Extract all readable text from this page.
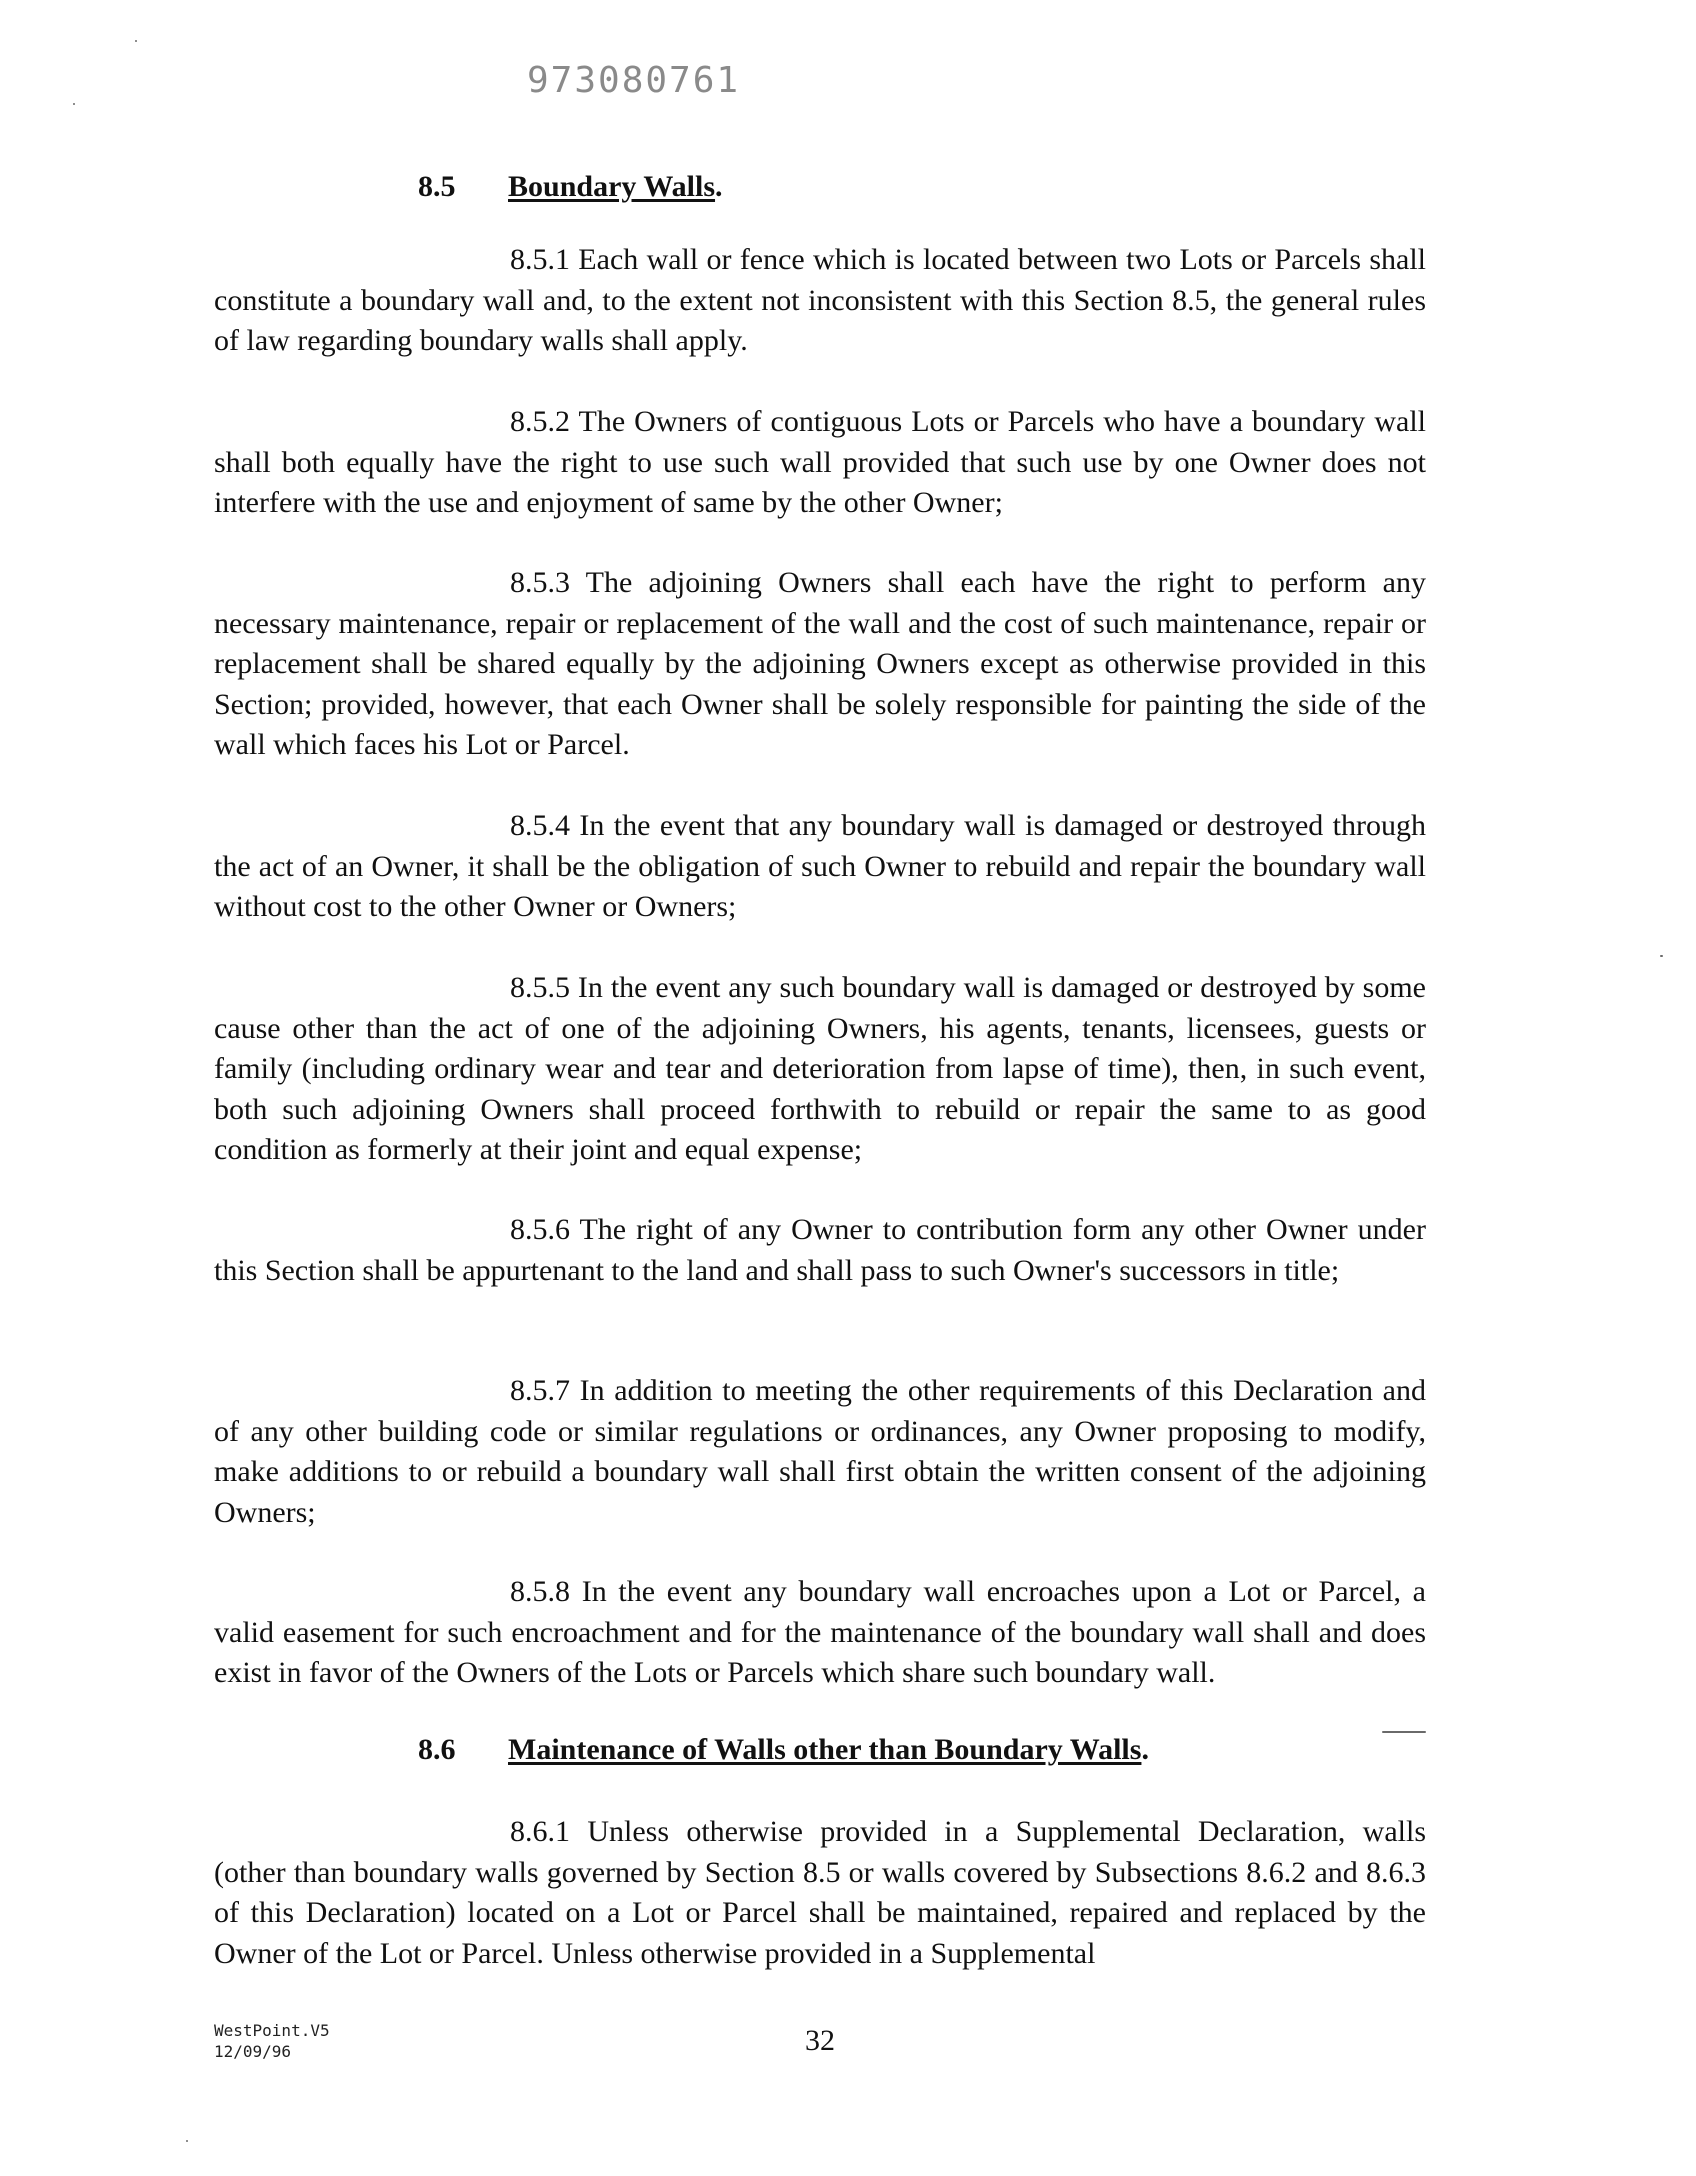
973080761
8.5 Boundary Walls.

8.5.1 Each wall or fence which is located between two Lots or Parcels shall constitute a boundary wall and, to the extent not inconsistent with this Section 8.5, the general rules of law regarding boundary walls shall apply.

8.5.2 The Owners of contiguous Lots or Parcels who have a boundary wall shall both equally have the right to use such wall provided that such use by one Owner does not interfere with the use and enjoyment of same by the other Owner;

8.5.3 The adjoining Owners shall each have the right to perform any necessary maintenance, repair or replacement of the wall and the cost of such maintenance, repair or replacement shall be shared equally by the adjoining Owners except as otherwise provided in this Section; provided, however, that each Owner shall be solely responsible for painting the side of the wall which faces his Lot or Parcel.

8.5.4 In the event that any boundary wall is damaged or destroyed through the act of an Owner, it shall be the obligation of such Owner to rebuild and repair the boundary wall without cost to the other Owner or Owners;

8.5.5 In the event any such boundary wall is damaged or destroyed by some cause other than the act of one of the adjoining Owners, his agents, tenants, licensees, guests or family (including ordinary wear and tear and deterioration from lapse of time), then, in such event, both such adjoining Owners shall proceed forthwith to rebuild or repair the same to as good condition as formerly at their joint and equal expense;

8.5.6 The right of any Owner to contribution form any other Owner under this Section shall be appurtenant to the land and shall pass to such Owner's successors in title;

8.5.7 In addition to meeting the other requirements of this Declaration and of any other building code or similar regulations or ordinances, any Owner proposing to modify, make additions to or rebuild a boundary wall shall first obtain the written consent of the adjoining Owners;

8.5.8 In the event any boundary wall encroaches upon a Lot or Parcel, a valid easement for such encroachment and for the maintenance of the boundary wall shall and does exist in favor of the Owners of the Lots or Parcels which share such boundary wall.

8.6 Maintenance of Walls other than Boundary Walls.

8.6.1 Unless otherwise provided in a Supplemental Declaration, walls (other than boundary walls governed by Section 8.5 or walls covered by Subsections 8.6.2 and 8.6.3 of this Declaration) located on a Lot or Parcel shall be maintained, repaired and replaced by the Owner of the Lot or Parcel. Unless otherwise provided in a Supplemental

WestPoint.V5
12/09/96	32
